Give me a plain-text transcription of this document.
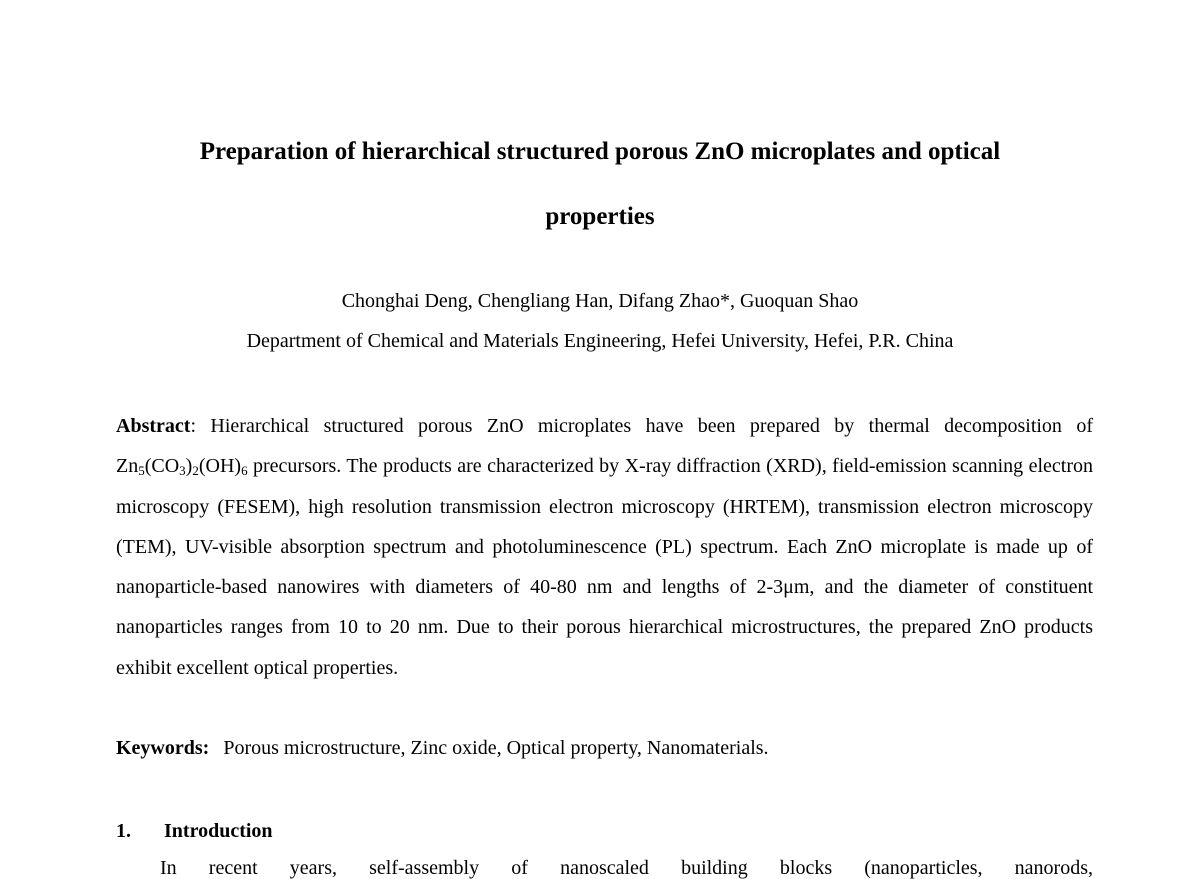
Preparation of hierarchical structured porous ZnO microplates and optical
properties
Chonghai Deng, Chengliang Han, Difang Zhao*, Guoquan Shao
Department of Chemical and Materials Engineering, Hefei University, Hefei, P.R. China
Abstract: Hierarchical structured porous ZnO microplates have been prepared by thermal decomposition of $Zn_5(CO_3)_2(OH)_6$ precursors. The products are characterized by X-ray diffraction (XRD), field-emission scanning electron microscopy (FESEM), high resolution transmission electron microscopy (HRTEM), transmission electron microscopy (TEM), UV-visible absorption spectrum and photoluminescence (PL) spectrum. Each ZnO microplate is made up of nanoparticle-based nanowires with diameters of 40-80 nm and lengths of 2-3μm, and the diameter of constituent nanoparticles ranges from 10 to 20 nm. Due to their porous hierarchical microstructures, the prepared ZnO products exhibit excellent optical properties.
Keywords: Porous microstructure, Zinc oxide, Optical property, Nanomaterials.
1. Introduction
In recent years, self-assembly of nanoscaled building blocks (nanoparticles, nanorods,
